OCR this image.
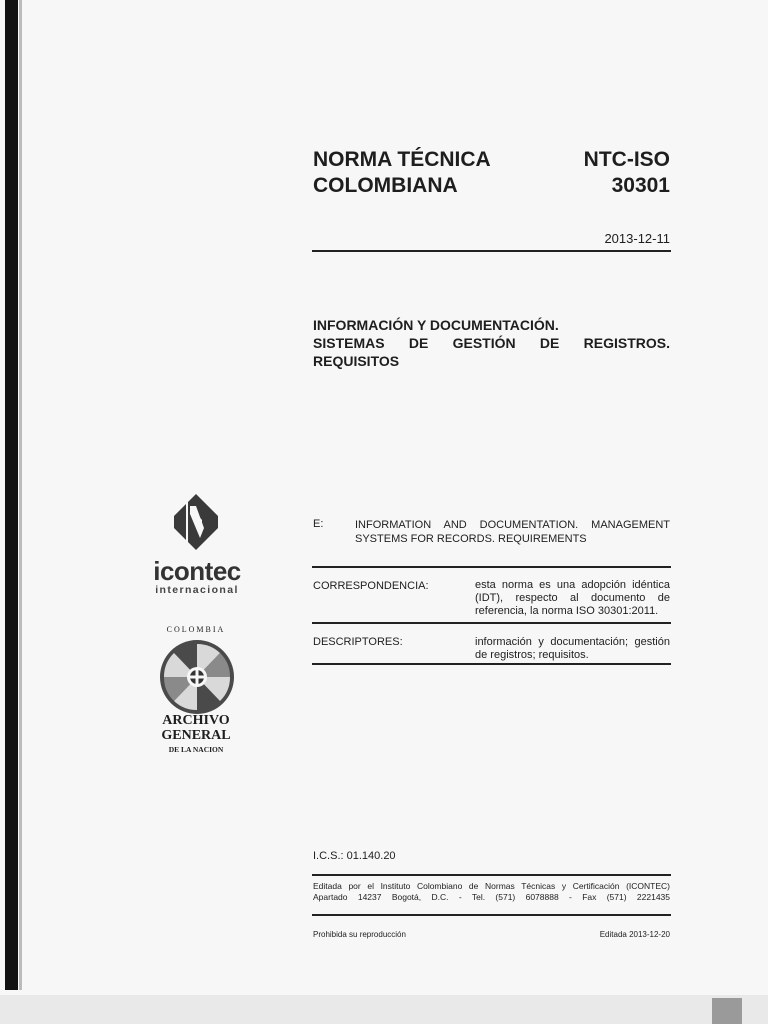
NORMA TÉCNICA
COLOMBIANA
NTC-ISO
30301
2013-12-11
INFORMACIÓN Y DOCUMENTACIÓN.
SISTEMAS DE GESTIÓN DE REGISTROS.
REQUISITOS
E:	INFORMATION AND DOCUMENTATION. MANAGEMENT
SYSTEMS FOR RECORDS. REQUIREMENTS
CORRESPONDENCIA:	esta norma es una adopción idéntica
(IDT), respecto al documento de
referencia, la norma ISO 30301:2011.
DESCRIPTORES:	información y documentación; gestión
de registros; requisitos.
I.C.S.: 01.140.20
Editada por el Instituto Colombiano de Normas Técnicas y Certificación (ICONTEC)
Apartado 14237 Bogotá, D.C. - Tel. (571) 6078888 - Fax (571) 2221435
Prohibida su reproducción	Editada 2013-12-20
icontec
internacional
COLOMBIA
ARCHIVO
GENERAL
DE LA NACION
